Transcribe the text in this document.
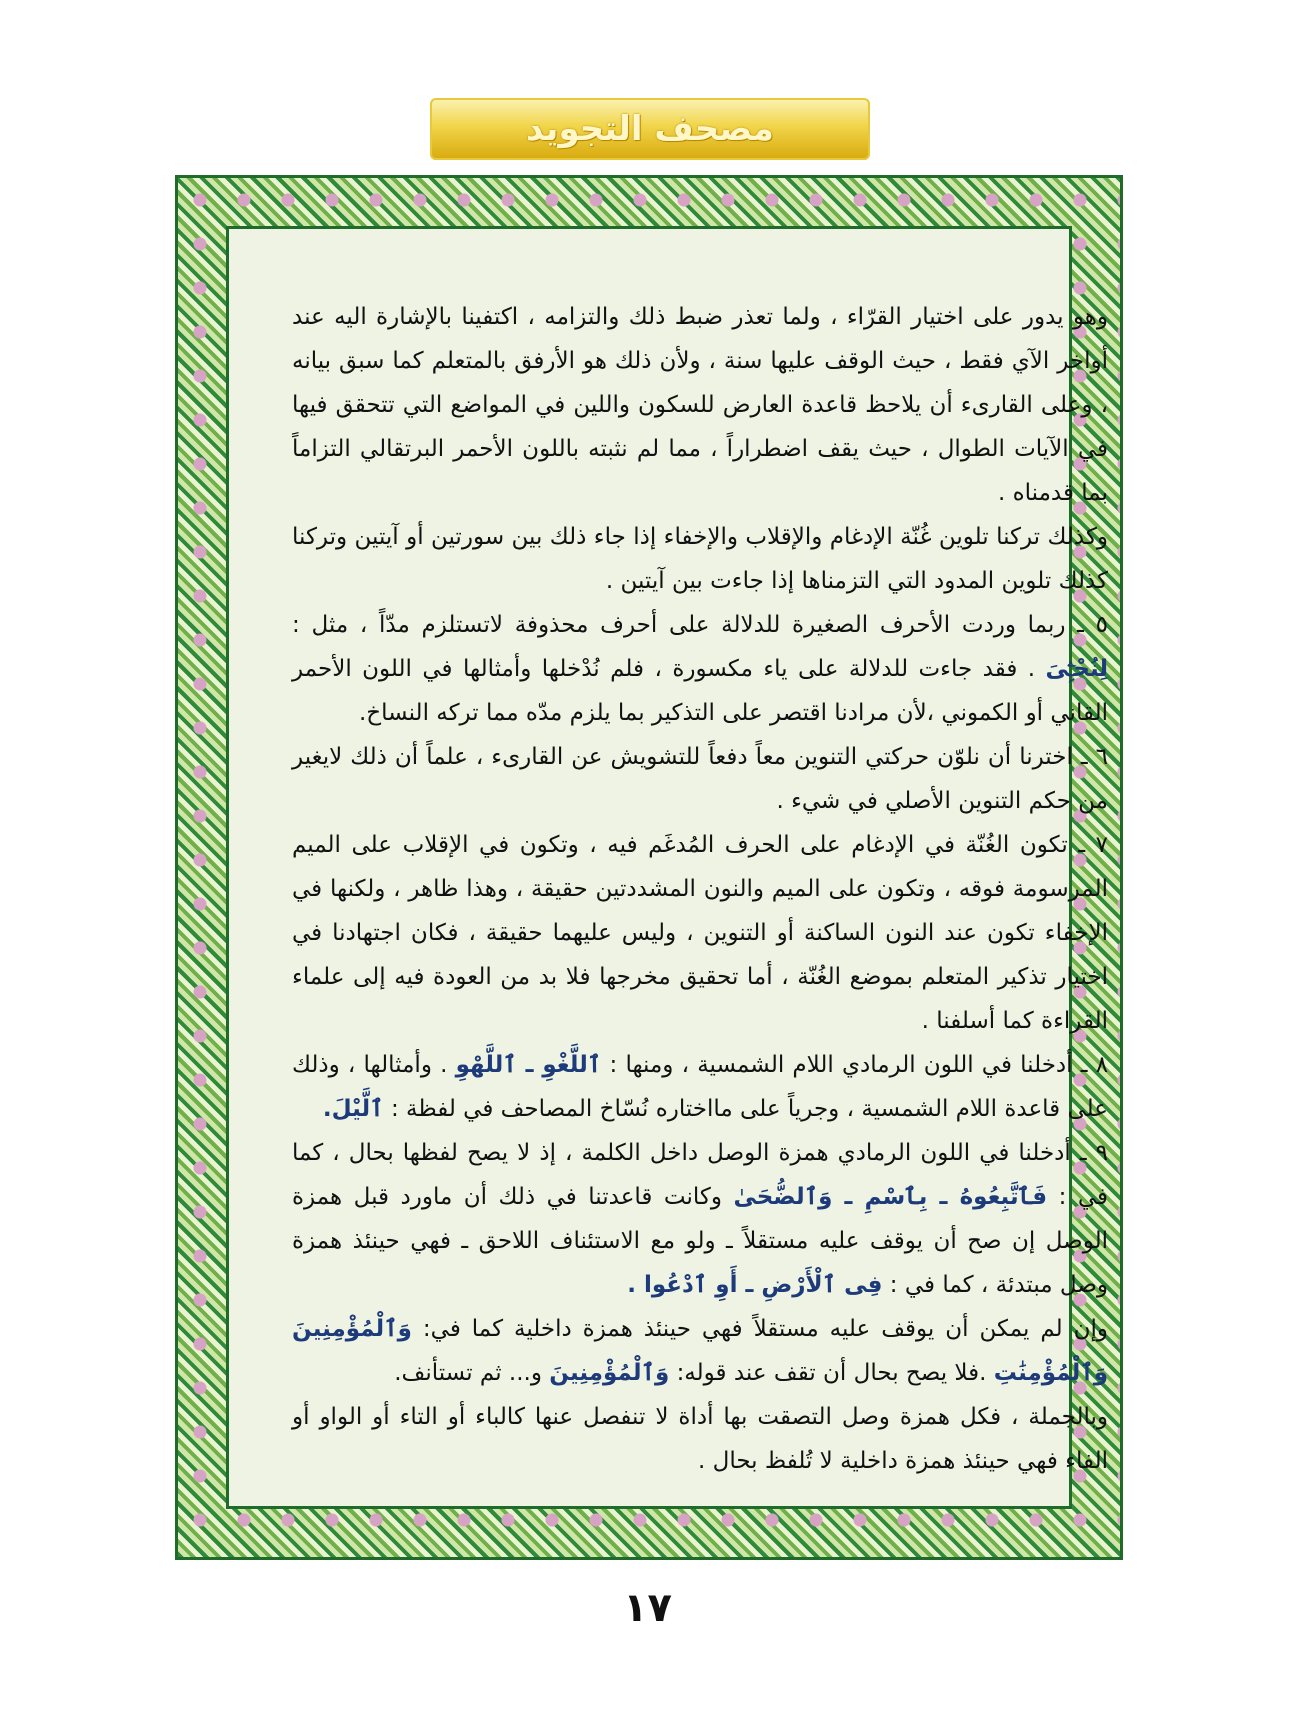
مصحف التجويد

وهو يدور على اختيار القرّاء ، ولما تعذر ضبط ذلك والتزامه ، اكتفينا بالإشارة اليه عند أواخر الآي فقط ، حيث الوقف عليها سنة ، ولأن ذلك هو الأرفق بالمتعلم كما سبق بيانه ، وعلى القارىء أن يلاحظ قاعدة العارض للسكون واللين في المواضع التي تتحقق فيها في الآيات الطوال ، حيث يقف اضطراراً ، مما لم نثبته باللون الأحمر البرتقالي التزاماً بما قدمناه .

وكذلك تركنا تلوين غُنّة الإدغام والإقلاب والإخفاء إذا جاء ذلك بين سورتين أو آيتين وتركنا كذلك تلوين المدود التي التزمناها إذا جاءت بين آيتين .

٥ ـ ربما وردت الأحرف الصغيرة للدلالة على أحرف محذوفة لاتستلزم مدّاً ، مثل : لِنُحْـِۧىَ . فقد جاءت للدلالة على ياء مكسورة ، فلم نُدْخلها وأمثالها في اللون الأحمر القاني أو الكموني ،لأن مرادنا اقتصر على التذكير بما يلزم مدّه مما تركه النساخ.

٦ ـ اخترنا أن نلوّن حركتي التنوين معاً دفعاً للتشويش عن القارىء ، علماً أن ذلك لايغير من حكم التنوين الأصلي في شيء .

٧ ـ تكون الغُنّة في الإدغام على الحرف المُدغَم فيه ، وتكون في الإقلاب على الميم المرسومة فوقه ، وتكون على الميم والنون المشددتين حقيقة ، وهذا ظاهر ، ولكنها في الإخفاء تكون عند النون الساكنة أو التنوين ، وليس عليهما حقيقة ، فكان اجتهادنا في اختيار تذكير المتعلم بموضع الغُنّة ، أما تحقيق مخرجها فلا بد من العودة فيه إلى علماء القراءة كما أسلفنا .

٨ ـ أدخلنا في اللون الرمادي اللام الشمسية ، ومنها : ٱللَّغْوِ ـ ٱللَّهْوِ . وأمثالها ، وذلك على قاعدة اللام الشمسية ، وجرياً على مااختاره نُسّاخ المصاحف في لفظة : ٱلَّيْلَ.

٩ ـ أدخلنا في اللون الرمادي همزة الوصل داخل الكلمة ، إذ لا يصح لفظها بحال ، كما في : فَٱتَّبِعُوهُ ـ بِٱسْمِ ـ وَٱلضُّحَىٰ وكانت قاعدتنا في ذلك أن ماورد قبل همزة الوصل إن صح أن يوقف عليه مستقلاً ـ ولو مع الاستئناف اللاحق ـ فهي حينئذ همزة وصل مبتدئة ، كما في : فِى ٱلْأَرْضِ ـ أَوِ ٱدْعُوا .

وإن لم يمكن أن يوقف عليه مستقلاً فهي حينئذ همزة داخلية كما في: وَٱلْمُؤْمِنِينَ وَٱلْمُؤْمِنَٰتِ .فلا يصح بحال أن تقف عند قوله: وَٱلْمُؤْمِنِينَ و... ثم تستأنف.

وبالجملة ، فكل همزة وصل التصقت بها أداة لا تنفصل عنها كالباء أو التاء أو الواو أو الفاء فهي حينئذ همزة داخلية لا تُلفظ بحال .

١٧
